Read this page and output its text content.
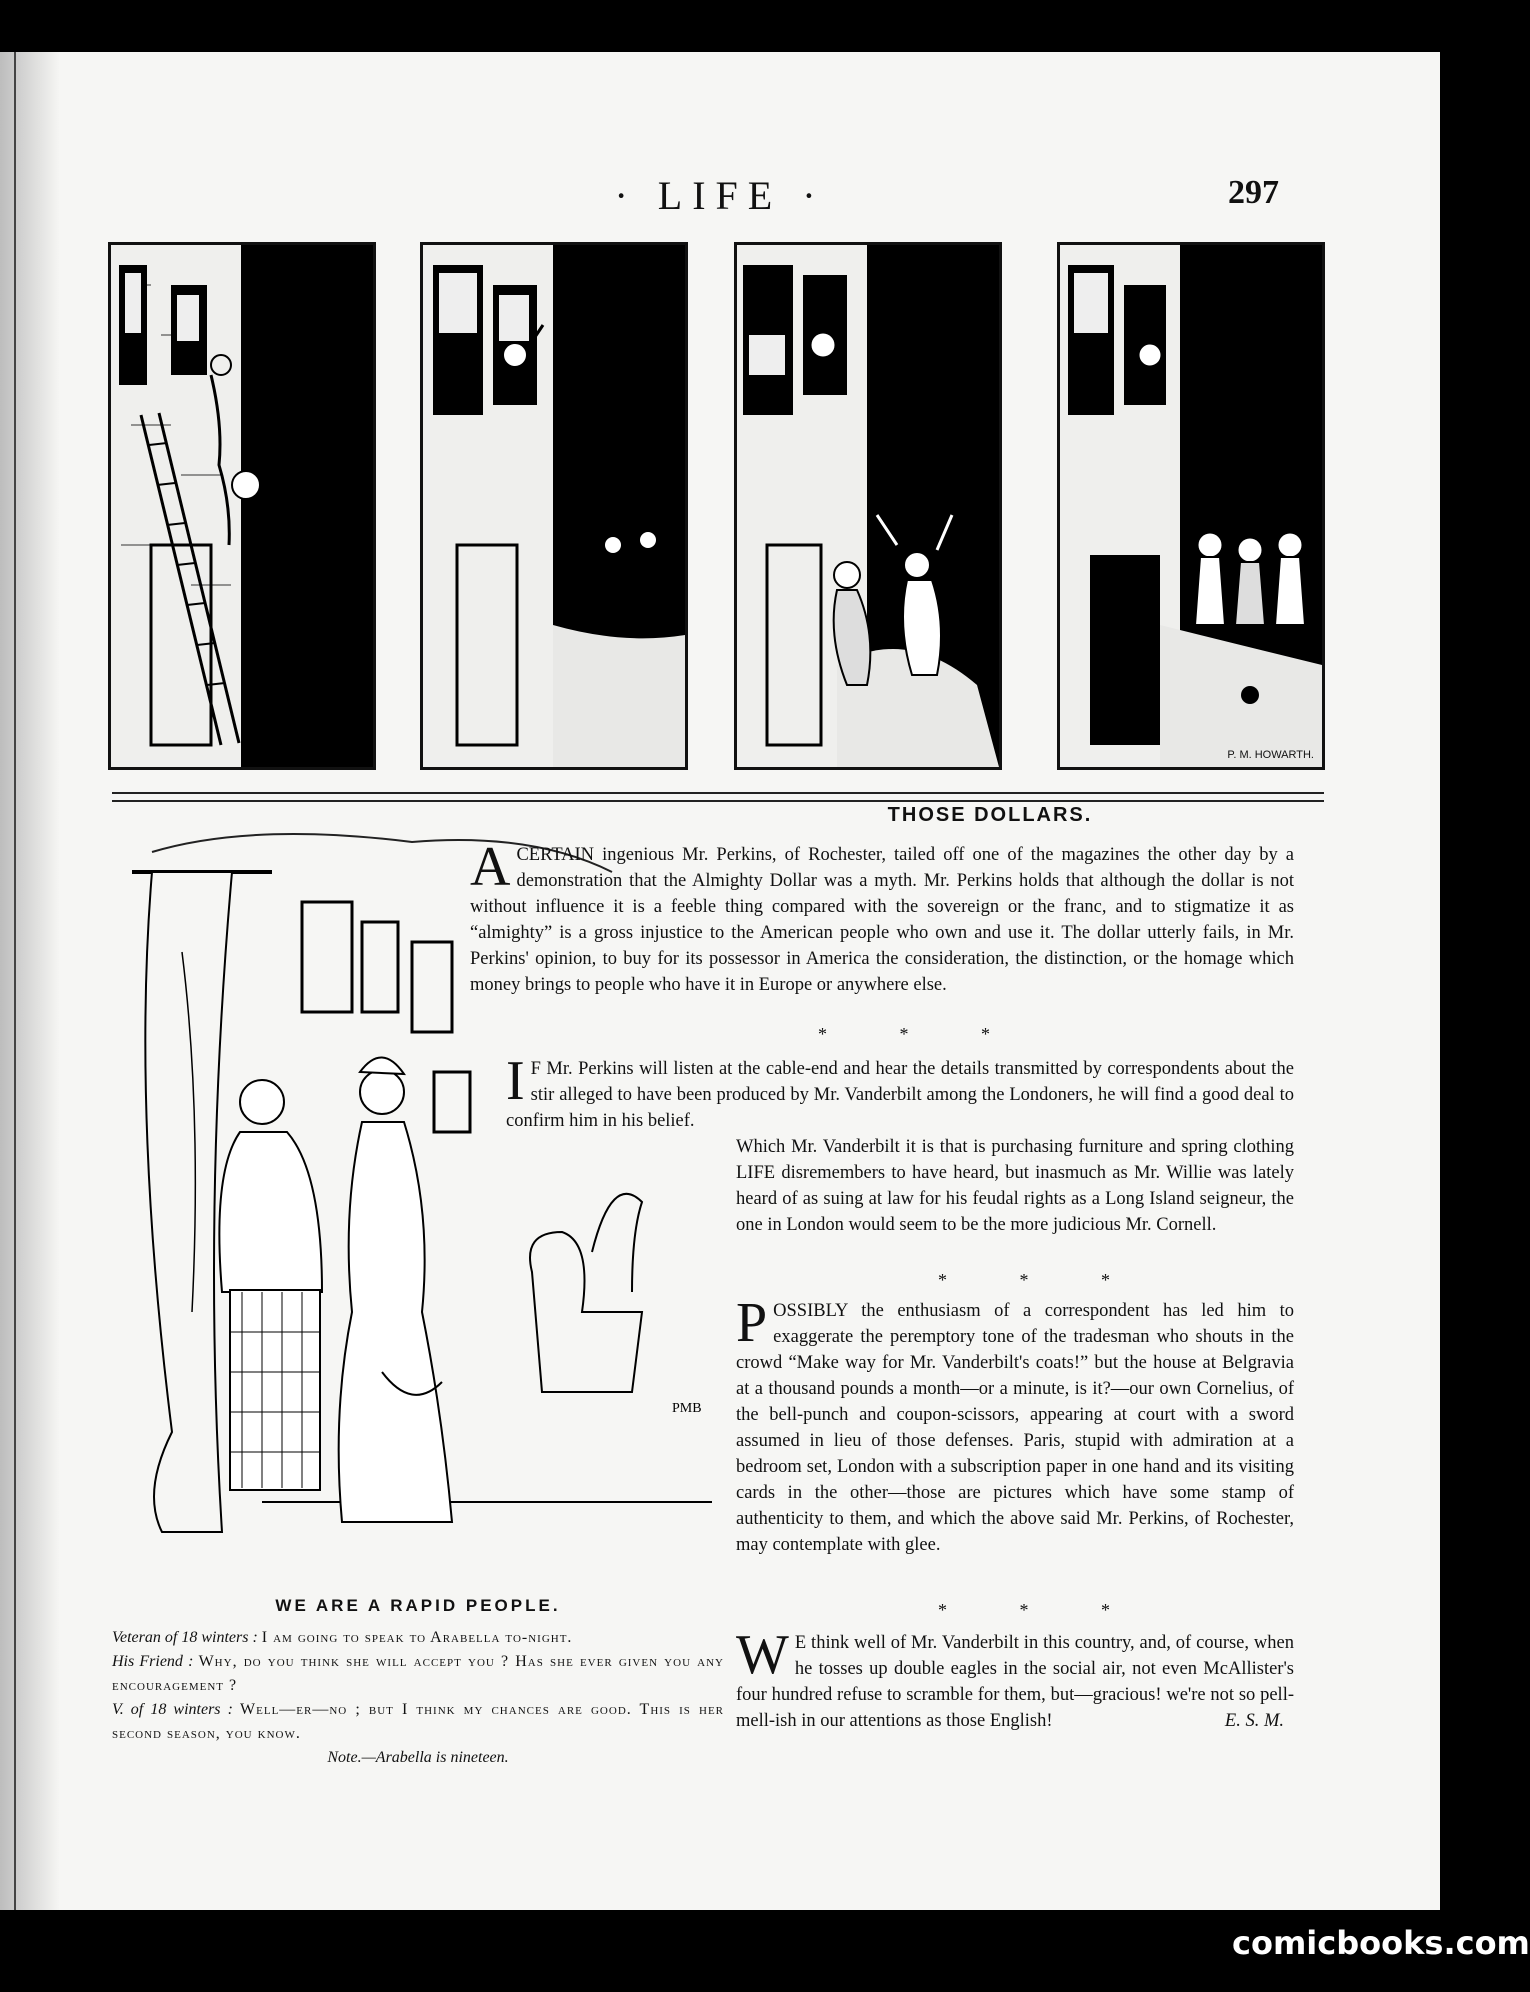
· LIFE ·	297
P. M. HOWARTH.
PMB
WE ARE A RAPID PEOPLE.

Veteran of 18 winters : I am going to speak to Arabella to-night.

His Friend : Why, do you think she will accept you ? Has she ever given you any encouragement ?

V. of 18 winters : Well—er—no ; but I think my chances are good. This is her second season, you know.

Note.—Arabella is nineteen.

THOSE DOLLARS.

ACERTAIN ingenious Mr. Perkins, of Rochester, tailed off one of the magazines the other day by a demonstration that the Almighty Dollar was a myth. Mr. Perkins holds that although the dollar is not without influence it is a feeble thing compared with the sovereign or the franc, and to stigmatize it as “almighty” is a gross injustice to the American people who own and use it. The dollar utterly fails, in Mr. Perkins' opinion, to buy for its possessor in America the consideration, the distinction, or the homage which money brings to people who have it in Europe or anywhere else.

* * *

I F Mr. Perkins will listen at the cable-end and hear the details transmitted by correspondents about the stir alleged to have been produced by Mr. Vanderbilt among the Londoners, he will find a good deal to confirm him in his belief.

Which Mr. Vanderbilt it is that is purchasing furniture and spring clothing LIFE disremembers to have heard, but inasmuch as Mr. Willie was lately heard of as suing at law for his feudal rights as a Long Island seigneur, the one in London would seem to be the more judicious Mr. Cornell.

* * *

POSSIBLY the enthusiasm of a correspondent has led him to exaggerate the peremptory tone of the tradesman who shouts in the crowd “Make way for Mr. Vanderbilt's coats!” but the house at Belgravia at a thousand pounds a month—or a minute, is it?—our own Cornelius, of the bell-punch and coupon-scissors, appearing at court with a sword assumed in lieu of those defenses. Paris, stupid with admiration at a bedroom set, London with a subscription paper in one hand and its visiting cards in the other—those are pictures which have some stamp of authenticity to them, and which the above said Mr. Perkins, of Rochester, may contemplate with glee.

* * *

W E think well of Mr. Vanderbilt in this country, and, of course, when he tosses up double eagles in the social air, not even McAllister's four hundred refuse to scramble for them, but—gracious! we're not so pell-mell-ish in our attentions as those English!	E. S. M.

comicbooks.com
